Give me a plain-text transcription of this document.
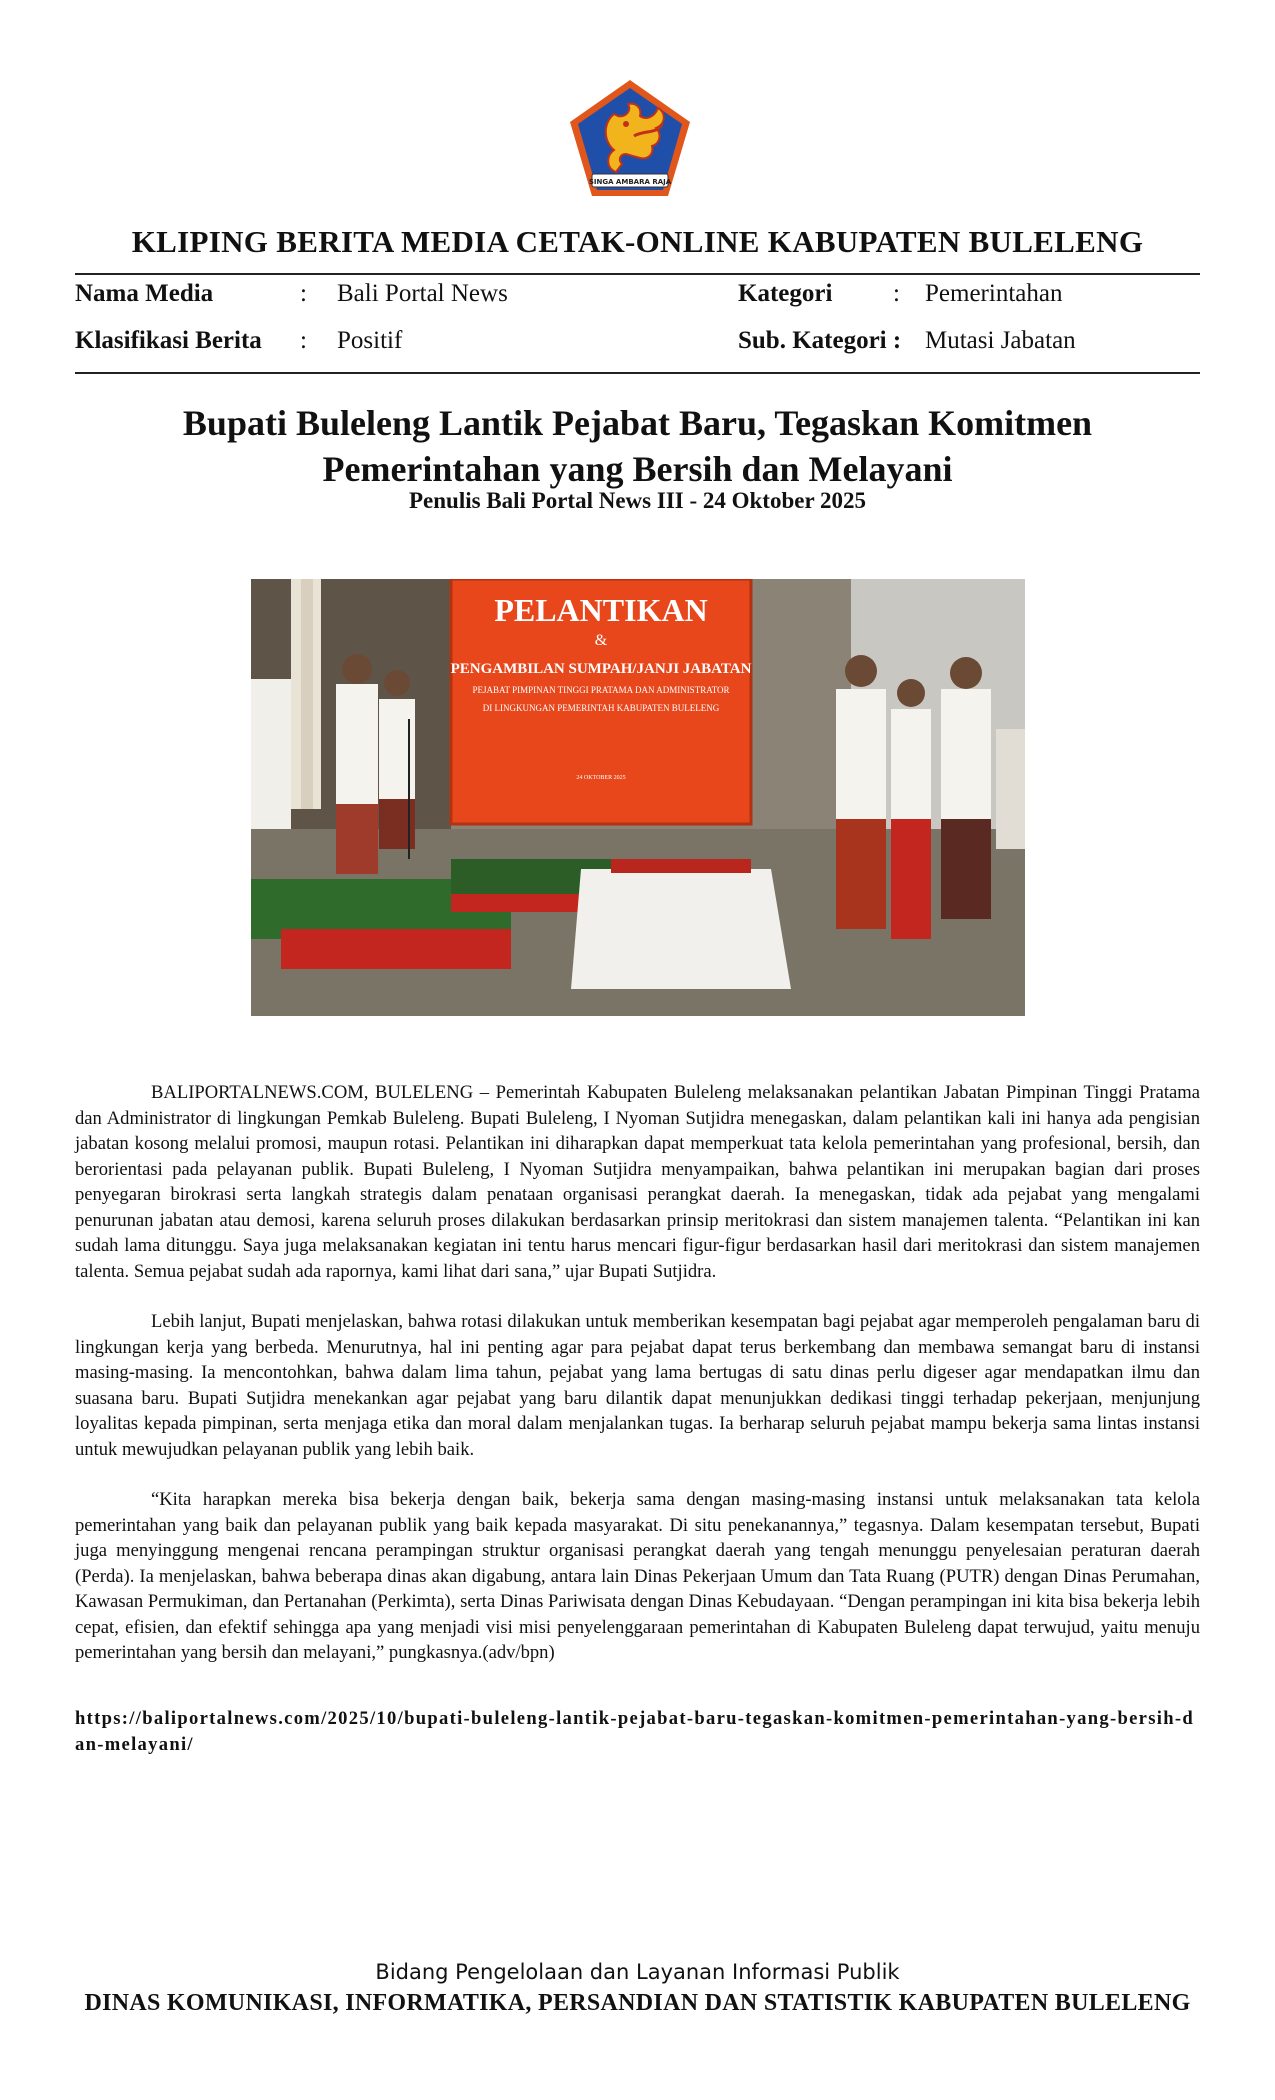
SINGA AMBARA RAJA
KLIPING BERITA MEDIA CETAK-ONLINE KABUPATEN BULELENG
Nama Media	: Bali Portal News	Kategori : Pemerintahan
Klasifikasi Berita : Positif	Sub. Kategori : Mutasi Jabatan
Bupati Buleleng Lantik Pejabat Baru, Tegaskan Komitmen
Pemerintahan yang Bersih dan Melayani
Penulis Bali Portal News III - 24 Oktober 2025
PELANTIKAN
&
PENGAMBILAN SUMPAH/JANJI JABATAN
PEJABAT PIMPINAN TINGGI PRATAMA DAN ADMINISTRATOR
DI LINGKUNGAN PEMERINTAH KABUPATEN BULELENG
24 OKTOBER 2025

BALIPORTALNEWS.COM, BULELENG – Pemerintah Kabupaten Buleleng melaksanakan pelantikan Jabatan Pimpinan Tinggi Pratama dan Administrator di lingkungan Pemkab Buleleng. Bupati Buleleng, I Nyoman Sutjidra menegaskan, dalam pelantikan kali ini hanya ada pengisian jabatan kosong melalui promosi, maupun rotasi. Pelantikan ini diharapkan dapat memperkuat tata kelola pemerintahan yang profesional, bersih, dan berorientasi pada pelayanan publik. Bupati Buleleng, I Nyoman Sutjidra menyampaikan, bahwa pelantikan ini merupakan bagian dari proses penyegaran birokrasi serta langkah strategis dalam penataan organisasi perangkat daerah. Ia menegaskan, tidak ada pejabat yang mengalami penurunan jabatan atau demosi, karena seluruh proses dilakukan berdasarkan prinsip meritokrasi dan sistem manajemen talenta. “Pelantikan ini kan sudah lama ditunggu. Saya juga melaksanakan kegiatan ini tentu harus mencari figur-figur berdasarkan hasil dari meritokrasi dan sistem manajemen talenta. Semua pejabat sudah ada rapornya, kami lihat dari sana,” ujar Bupati Sutjidra.

Lebih lanjut, Bupati menjelaskan, bahwa rotasi dilakukan untuk memberikan kesempatan bagi pejabat agar memperoleh pengalaman baru di lingkungan kerja yang berbeda. Menurutnya, hal ini penting agar para pejabat dapat terus berkembang dan membawa semangat baru di instansi masing-masing. Ia mencontohkan, bahwa dalam lima tahun, pejabat yang lama bertugas di satu dinas perlu digeser agar mendapatkan ilmu dan suasana baru. Bupati Sutjidra menekankan agar pejabat yang baru dilantik dapat menunjukkan dedikasi tinggi terhadap pekerjaan, menjunjung loyalitas kepada pimpinan, serta menjaga etika dan moral dalam menjalankan tugas. Ia berharap seluruh pejabat mampu bekerja sama lintas instansi untuk mewujudkan pelayanan publik yang lebih baik.

“Kita harapkan mereka bisa bekerja dengan baik, bekerja sama dengan masing-masing instansi untuk melaksanakan tata kelola pemerintahan yang baik dan pelayanan publik yang baik kepada masyarakat. Di situ penekanannya,” tegasnya. Dalam kesempatan tersebut, Bupati juga menyinggung mengenai rencana perampingan struktur organisasi perangkat daerah yang tengah menunggu penyelesaian peraturan daerah (Perda). Ia menjelaskan, bahwa beberapa dinas akan digabung, antara lain Dinas Pekerjaan Umum dan Tata Ruang (PUTR) dengan Dinas Perumahan, Kawasan Permukiman, dan Pertanahan (Perkimta), serta Dinas Pariwisata dengan Dinas Kebudayaan. “Dengan perampingan ini kita bisa bekerja lebih cepat, efisien, dan efektif sehingga apa yang menjadi visi misi penyelenggaraan pemerintahan di Kabupaten Buleleng dapat terwujud, yaitu menuju pemerintahan yang bersih dan melayani,” pungkasnya.(adv/bpn)

https://baliportalnews.com/2025/10/bupati-buleleng-lantik-pejabat-baru-tegaskan-komitmen-pemerintahan-yang-bersih-dan-melayani/
Bidang Pengelolaan dan Layanan Informasi Publik
DINAS KOMUNIKASI, INFORMATIKA, PERSANDIAN DAN STATISTIK KABUPATEN BULELENG
